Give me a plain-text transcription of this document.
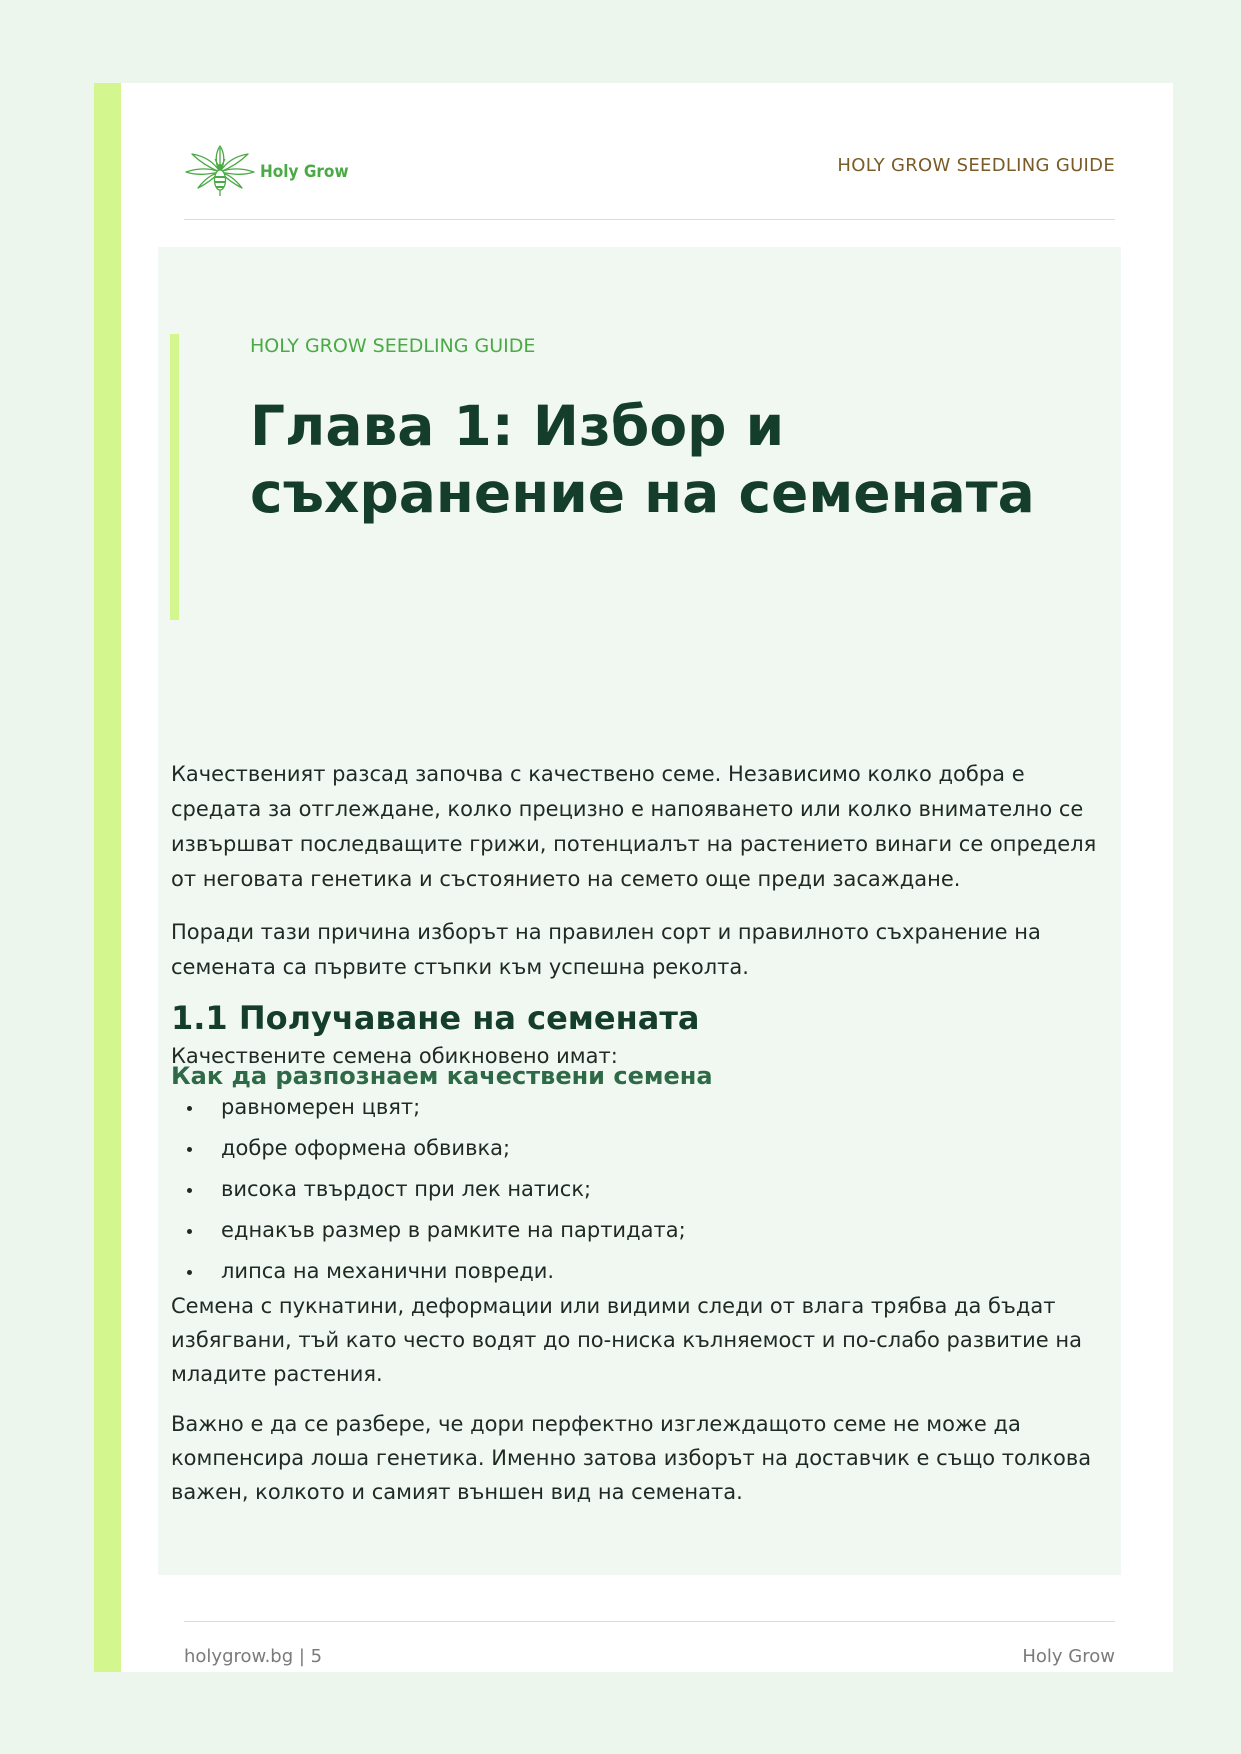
Holy Grow	HOLY GROW SEEDLING GUIDE
HOLY GROW SEEDLING GUIDE
Глава 1: Избор и съхранение на семената

Качественият разсад започва с качествено семе. Независимо колко добра е средата за отглеждане, колко прецизно е напояването или колко внимателно се извършват последващите грижи, потенциалът на растението винаги се определя от неговата генетика и състоянието на семето още преди засаждане.

Поради тази причина изборът на правилен сорт и правилното съхранение на семената са първите стъпки към успешна реколта.

1.1 Получаване на семената
Как да разпознаем качествени семена

Качествените семена обикновено имат:

равномерен цвят;
добре оформена обвивка;
висока твърдост при лек натиск;
еднакъв размер в рамките на партидата;
липса на механични повреди.

Семена с пукнатини, деформации или видими следи от влага трябва да бъдат избягвани, тъй като често водят до по-ниска кълняемост и по-слабо развитие на младите растения.

Важно е да се разбере, че дори перфектно изглеждащото семе не може да компенсира лоша генетика. Именно затова изборът на доставчик е също толкова важен, колкото и самият външен вид на семената.

holygrow.bg | 5	Holy Grow
